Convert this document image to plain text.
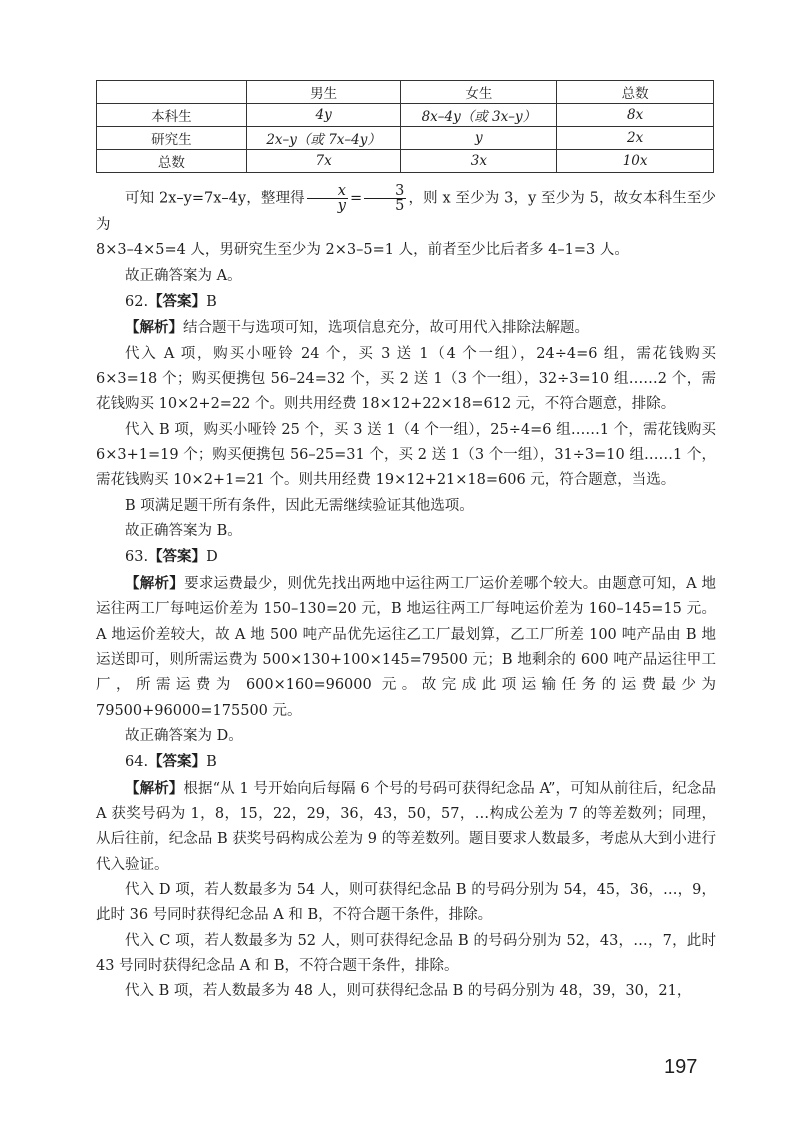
	男生	女生	总数
本科生	4y	8x–4y（或 3x–y）	8x
研究生	2x–y（或 7x–4y）	y	2x
总数	7x	3x	10x

可知 2x–y=7x–4y，整理得 $\frac{x}{y} = \frac{3}{5}$ ，则 x 至少为 3，y 至少为 5，故女本科生至少为

8×3–4×5=4 人，男研究生至少为 2×3–5=1 人，前者至少比后者多 4–1=3 人。

故正确答案为 A。

62.【答案】B

【解析】结合题干与选项可知，选项信息充分，故可用代入排除法解题。

代入 A 项，购买小哑铃 24 个，买 3 送 1（4 个一组），24÷4=6 组，需花钱购买 6×3=18 个；购买便携包 56–24=32 个，买 2 送 1（3 个一组），32÷3=10 组……2 个，需花钱购买 10×2+2=22 个。则共用经费 18×12+22×18=612 元，不符合题意，排除。

代入 B 项，购买小哑铃 25 个，买 3 送 1（4 个一组），25÷4=6 组……1 个，需花钱购买 6×3+1=19 个；购买便携包 56–25=31 个，买 2 送 1（3 个一组），31÷3=10 组……1 个，需花钱购买 10×2+1=21 个。则共用经费 19×12+21×18=606 元，符合题意，当选。

B 项满足题干所有条件，因此无需继续验证其他选项。

故正确答案为 B。

63.【答案】D

【解析】要求运费最少，则优先找出两地中运往两工厂运价差哪个较大。由题意可知，A 地运往两工厂每吨运价差为 150–130=20 元，B 地运往两工厂每吨运价差为 160–145=15 元。A 地运价差较大，故 A 地 500 吨产品优先运往乙工厂最划算，乙工厂所差 100 吨产品由 B 地运送即可，则所需运费为 500×130+100×145=79500 元；B 地剩余的 600 吨产品运往甲工厂，所需运费为 600×160=96000 元。故完成此项运输任务的运费最少为 79500+96000=175500 元。

故正确答案为 D。

64.【答案】B

【解析】根据“从 1 号开始向后每隔 6 个号的号码可获得纪念品 A”，可知从前往后，纪念品 A 获奖号码为 1，8，15，22，29，36，43，50，57，…构成公差为 7 的等差数列；同理，从后往前，纪念品 B 获奖号码构成公差为 9 的等差数列。题目要求人数最多，考虑从大到小进行代入验证。

代入 D 项，若人数最多为 54 人，则可获得纪念品 B 的号码分别为 54，45，36，…，9，此时 36 号同时获得纪念品 A 和 B，不符合题干条件，排除。

代入 C 项，若人数最多为 52 人，则可获得纪念品 B 的号码分别为 52，43，…，7，此时 43 号同时获得纪念品 A 和 B，不符合题干条件，排除。

代入 B 项，若人数最多为 48 人，则可获得纪念品 B 的号码分别为 48，39，30，21，

197
